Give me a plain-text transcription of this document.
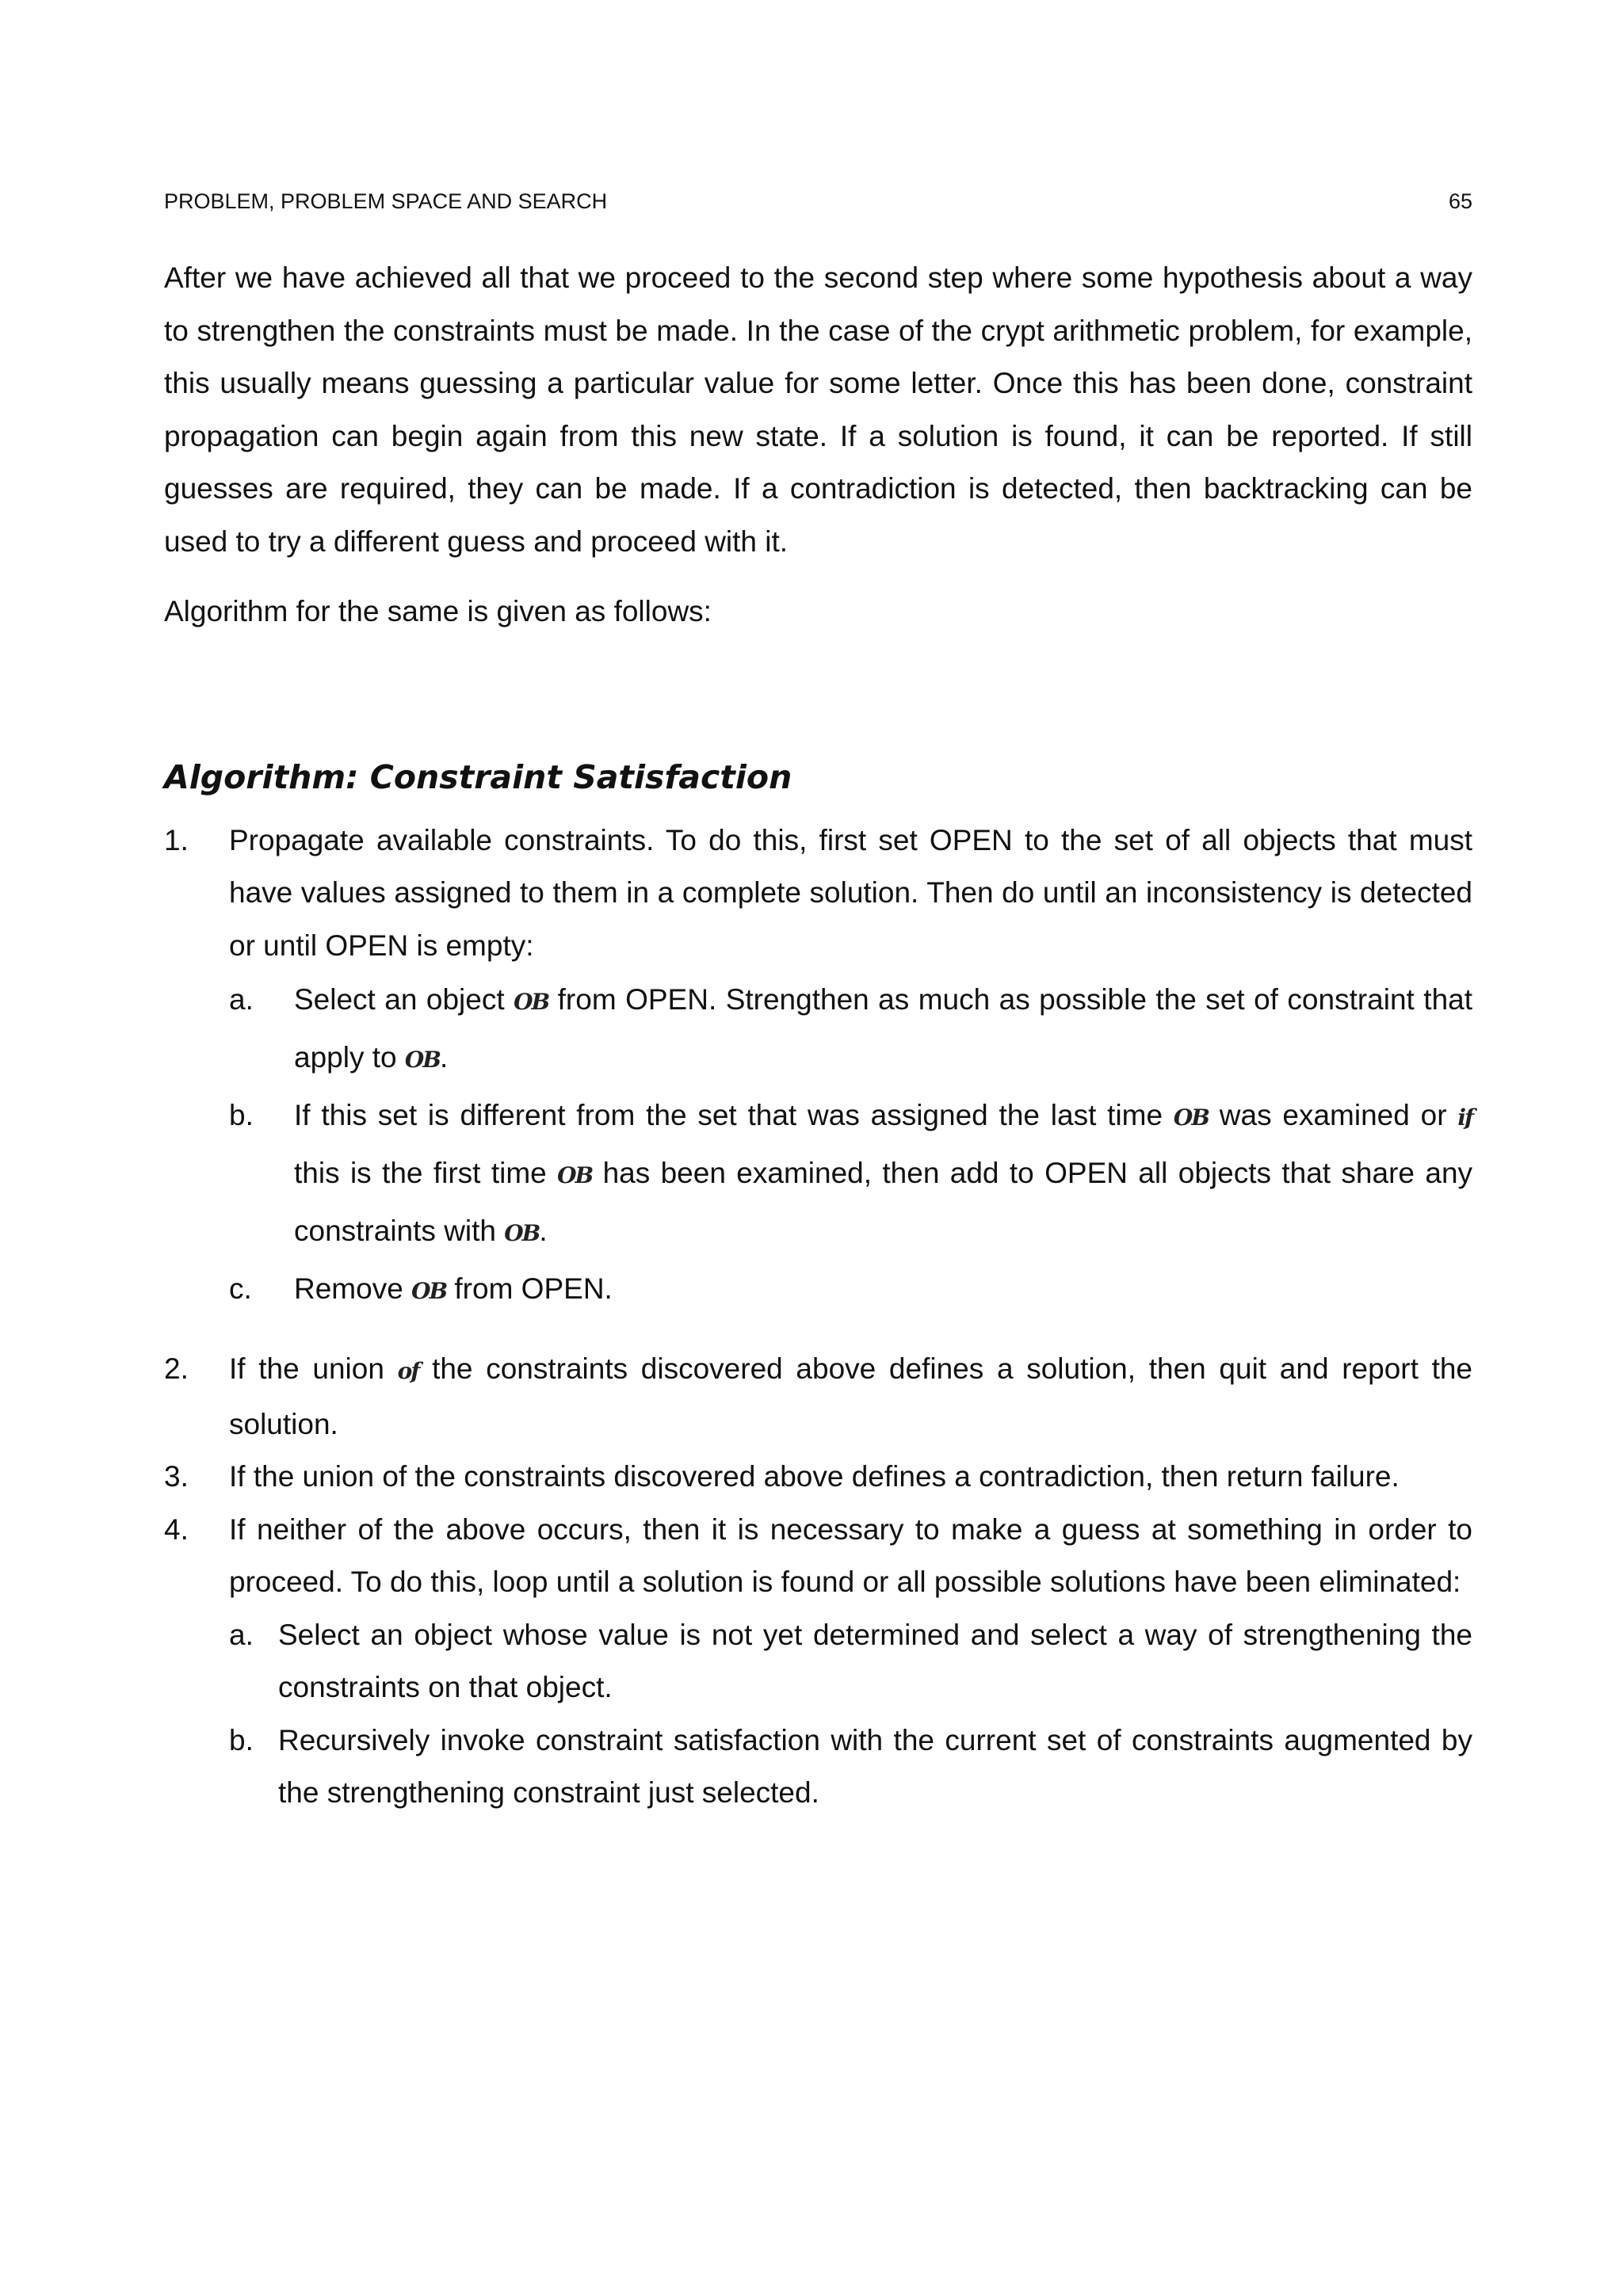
PROBLEM, PROBLEM SPACE AND SEARCH	65

After we have achieved all that we proceed to the second step where some hypothesis about a way to strengthen the constraints must be made. In the case of the crypt arithmetic problem, for example, this usually means guessing a particular value for some letter. Once this has been done, constraint propagation can begin again from this new state. If a solution is found, it can be reported. If still guesses are required, they can be made. If a contradiction is detected, then backtracking can be used to try a different guess and proceed with it.

Algorithm for the same is given as follows:

Algorithm: Constraint Satisfaction
1.	Propagate available constraints. To do this, first set OPEN to the set of all objects that must have values assigned to them in a complete solution. Then do until an inconsistency is detected or until OPEN is empty:
a.	Select an object OB from OPEN. Strengthen as much as possible the set of constraint that apply to OB.
b.	If this set is different from the set that was assigned the last time OB was examined or if this is the first time OB has been examined, then add to OPEN all objects that share any constraints with OB.
c.	Remove OB from OPEN.
2.	If the union of the constraints discovered above defines a solution, then quit and report the solution.
3.	If the union of the constraints discovered above defines a contradiction, then return failure.
4.	If neither of the above occurs, then it is necessary to make a guess at something in order to proceed. To do this, loop until a solution is found or all possible solutions have been eliminated:
a. Select an object whose value is not yet determined and select a way of strengthening the constraints on that object.
b. Recursively invoke constraint satisfaction with the current set of constraints augmented by the strengthening constraint just selected.
